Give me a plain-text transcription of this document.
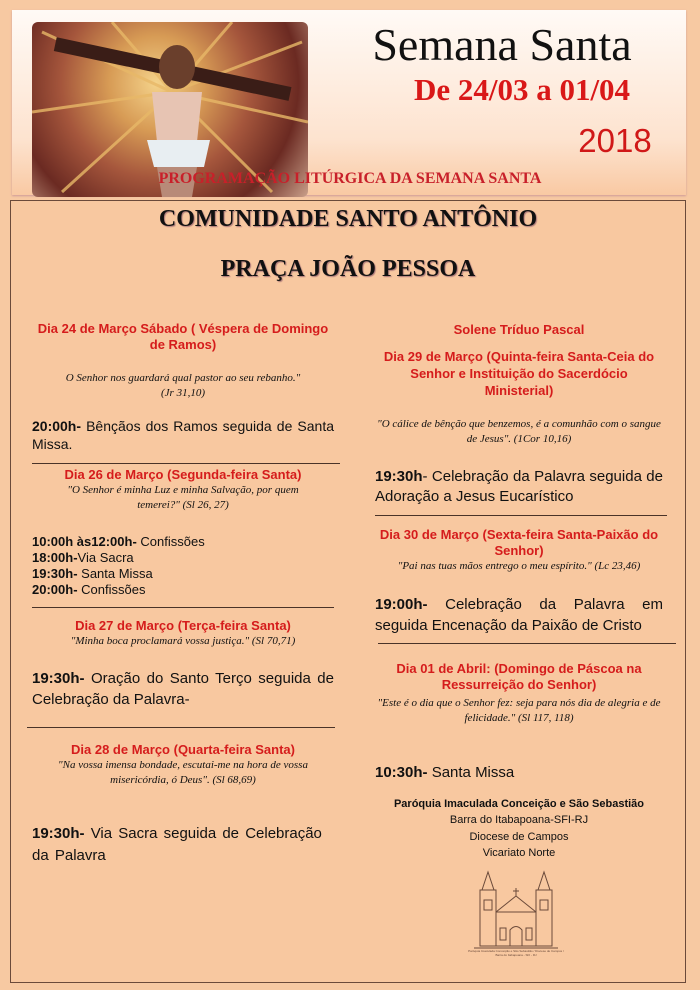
Semana Santa
De 24/03 a 01/04
2018
PROGRAMAÇÃO LITÚRGICA DA SEMANA SANTA
COMUNIDADE SANTO ANTÔNIO
PRAÇA JOÃO PESSOA
Dia 24 de Março Sábado ( Véspera de Domingo de Ramos)
O Senhor nos guardará qual pastor ao seu rebanho." (Jr 31,10)
20:00h- Bênçãos dos Ramos seguida de Santa Missa.
Dia 26 de Março (Segunda-feira Santa)
"O Senhor é minha Luz e minha Salvação, por quem temerei?" (Sl 26, 27)
10:00h às12:00h- Confissões
18:00h-Via Sacra
19:30h- Santa Missa
20:00h- Confissões
Dia 27 de Março (Terça-feira Santa)
"Minha boca proclamará vossa justiça." (Sl 70,71)
19:30h- Oração do Santo Terço seguida de Celebração da Palavra-
Dia 28 de Março (Quarta-feira Santa)
"Na vossa imensa bondade, escutai-me na hora de vossa misericórdia, ó Deus". (Sl 68,69)
19:30h- Via Sacra seguida de Celebração da Palavra
Solene Tríduo Pascal
Dia 29 de Março (Quinta-feira Santa-Ceia do Senhor e Instituição do Sacerdócio Ministerial)
"O cálice de bênção que benzemos, é a comunhão com o sangue de Jesus". (1Cor 10,16)
19:30h- Celebração da Palavra seguida de Adoração a Jesus Eucarístico
Dia 30 de Março (Sexta-feira Santa-Paixão do Senhor)
"Pai nas tuas mãos entrego o meu espírito." (Lc 23,46)
19:00h- Celebração da Palavra em seguida Encenação da Paixão de Cristo
Dia 01 de Abril: (Domingo de Páscoa na Ressurreição do Senhor)
"Este é o dia que o Senhor fez: seja para nós dia de alegria e de felicidade." (Sl 117, 118)
10:30h- Santa Missa
Paróquia Imaculada Conceição e São Sebastião
Barra do Itabapoana-SFI-RJ
Diocese de Campos
Vicariato Norte
Paróquia Imaculada Conceição e São Sebastião / Diocese de Campos / Barra do Itabapoana - SFI - RJ
